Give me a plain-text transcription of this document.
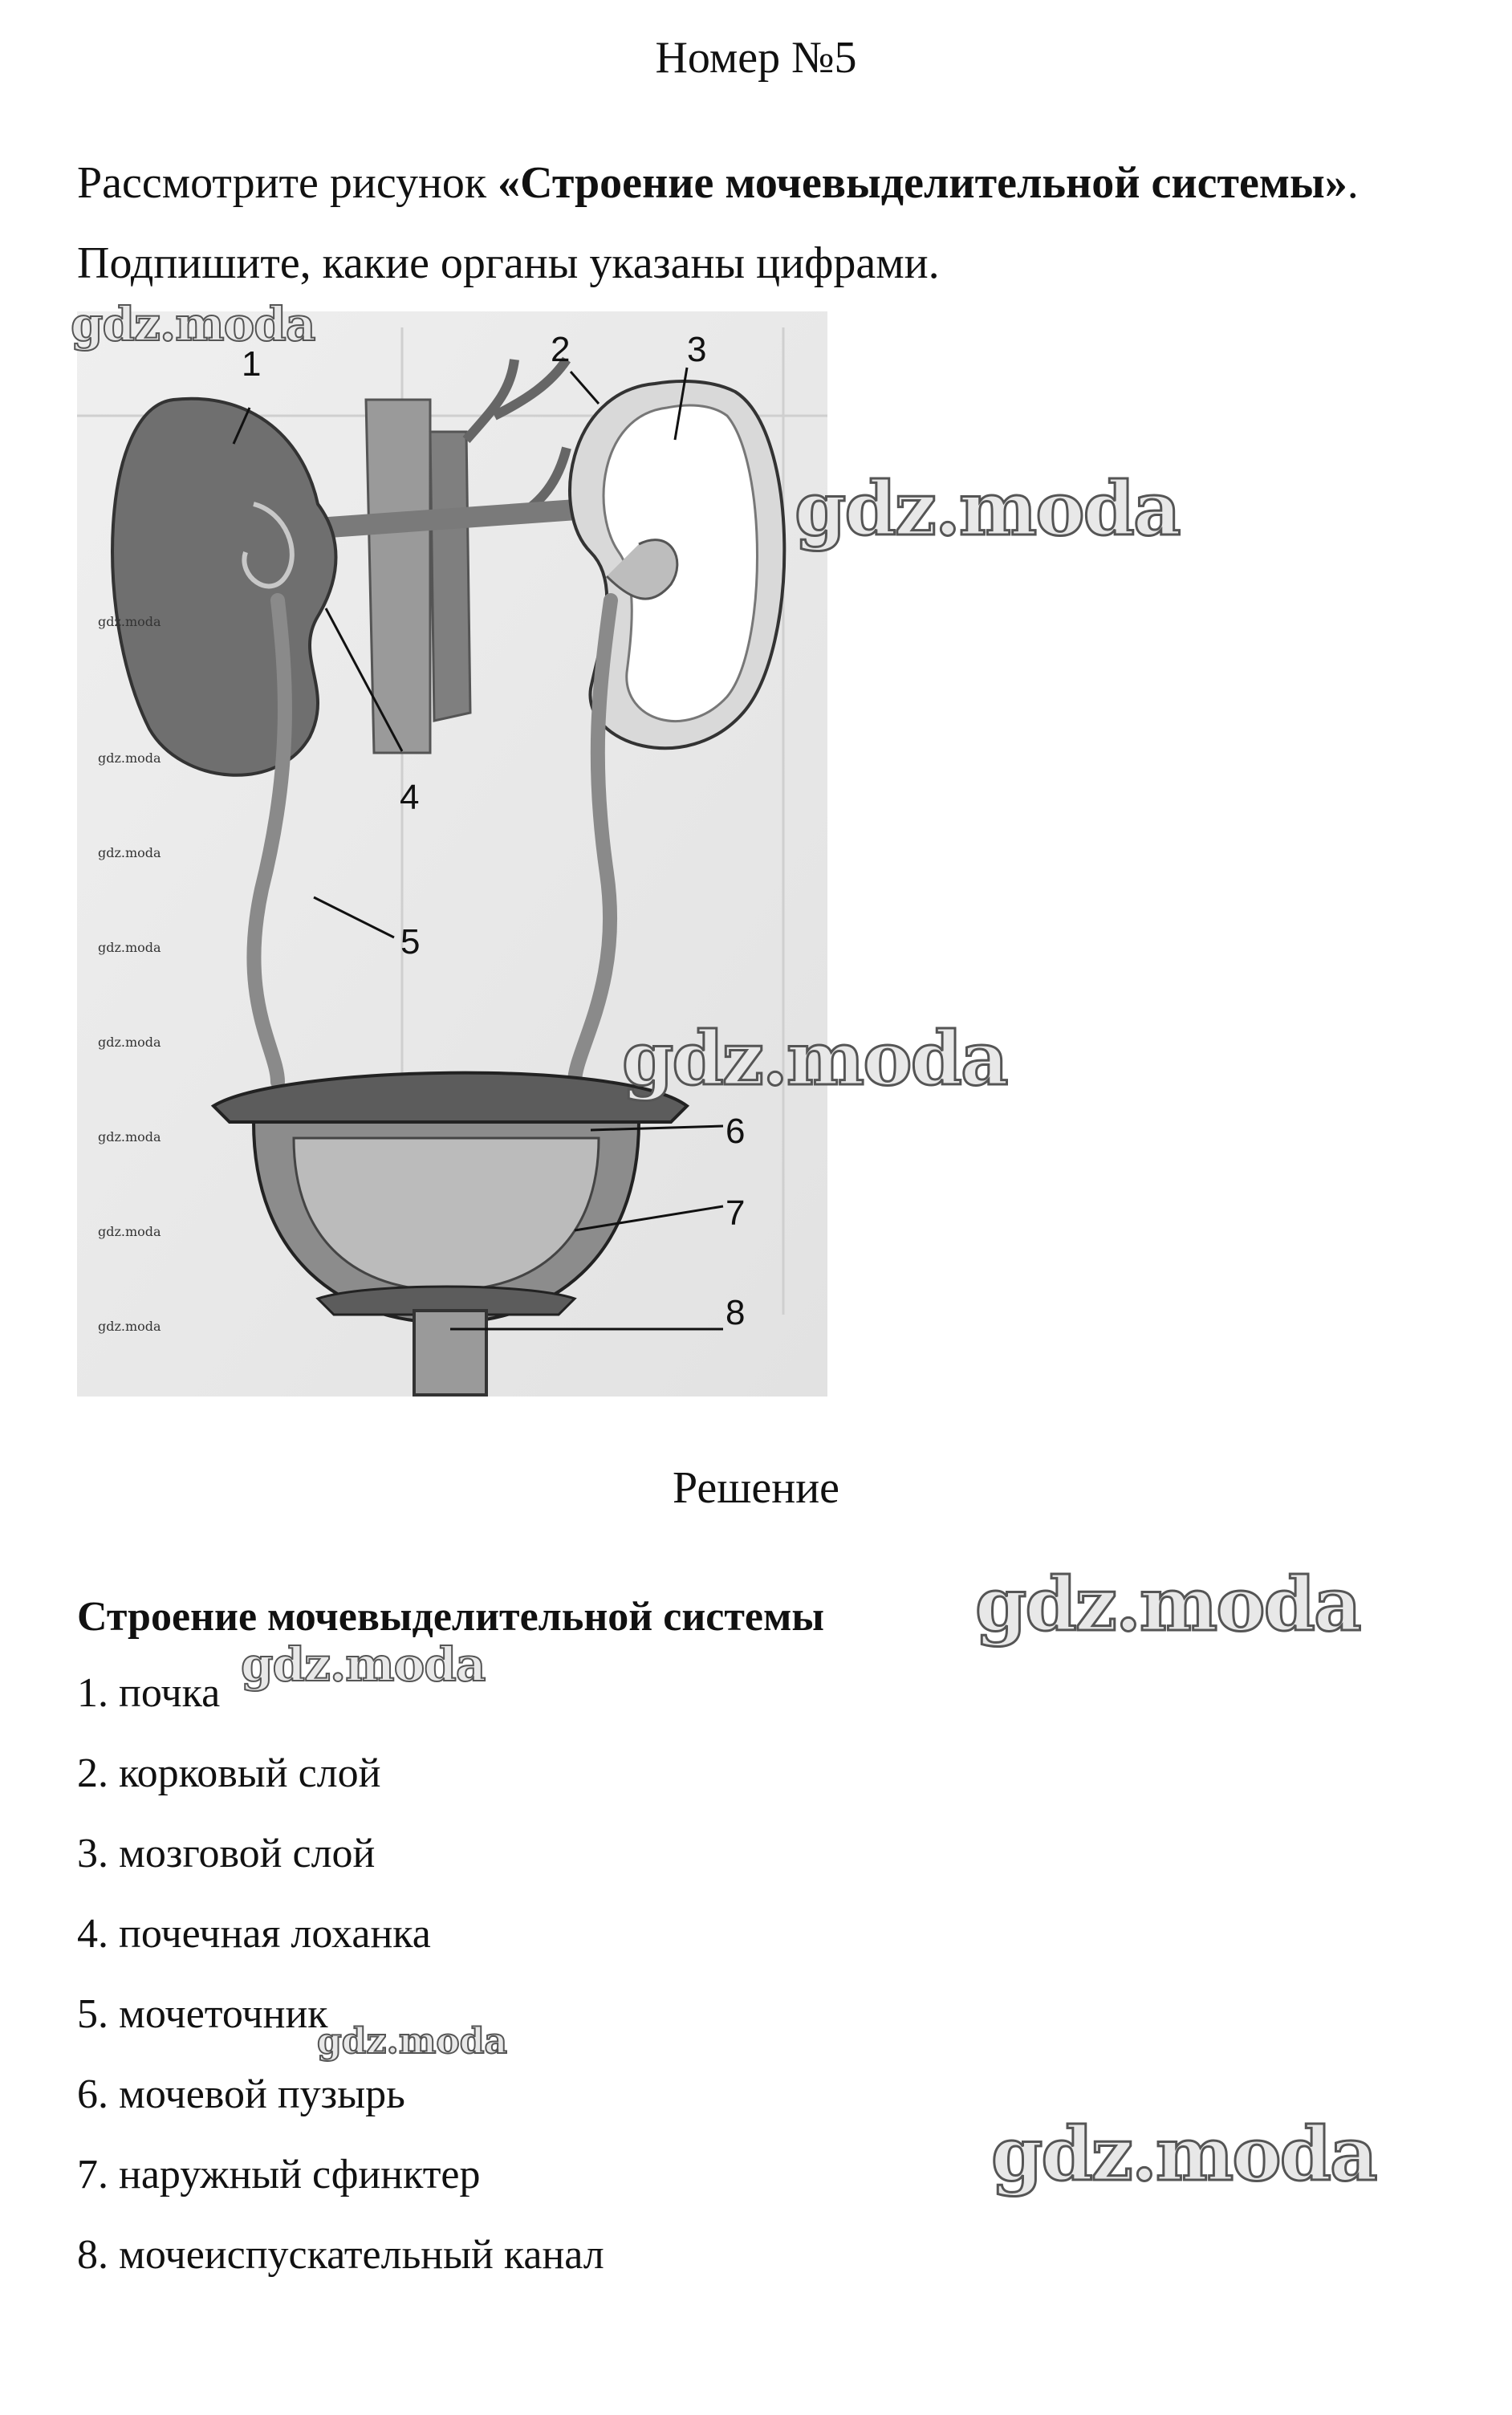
Номер №5
Рассмотрите рисунок «Строение мочевыделительной системы».
Подпишите, какие органы указаны цифрами.
1	2	3
4
5
6
7
8
Решение
Строение мочевыделительной системы
1. почка
2. корковый слой
3. мозговой слой
4. почечная лоханка
5. мочеточник
6. мочевой пузырь
7. наружный сфинктер
8. мочеиспускательный канал
gdz.moda
gdz.moda
gdz.moda
gdz.moda
gdz.moda
gdz.moda
gdz.moda
gdz.moda
gdz.moda
gdz.moda
gdz.moda
gdz.moda
gdz.moda
gdz.moda
gdz.moda
